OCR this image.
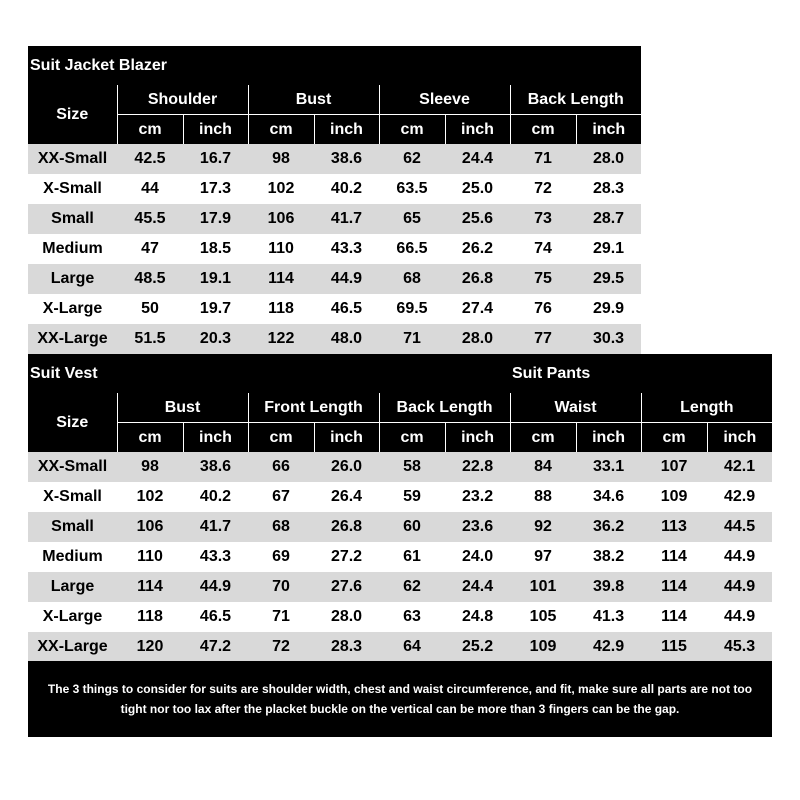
Suit Jacket Blazer
Size	Shoulder		Bust		Sleeve		Back Length	
	cm	inch	cm	inch	cm	inch	cm	inch
XX-Small	42.5	16.7	98	38.6	62	24.4	71	28.0
X-Small	44	17.3	102	40.2	63.5	25.0	72	28.3
Small	45.5	17.9	106	41.7	65	25.6	73	28.7
Medium	47	18.5	110	43.3	66.5	26.2	74	29.1
Large	48.5	19.1	114	44.9	68	26.8	75	29.5
X-Large	50	19.7	118	46.5	69.5	27.4	76	29.9
XX-Large	51.5	20.3	122	48.0	71	28.0	77	30.3
Suit Vest	Suit Pants
Size	Bust		Front Length		Back Length		Waist		Length	
	cm	inch	cm	inch	cm	inch	cm	inch	cm	inch
XX-Small	98	38.6	66	26.0	58	22.8	84	33.1	107	42.1
X-Small	102	40.2	67	26.4	59	23.2	88	34.6	109	42.9
Small	106	41.7	68	26.8	60	23.6	92	36.2	113	44.5
Medium	110	43.3	69	27.2	61	24.0	97	38.2	114	44.9
Large	114	44.9	70	27.6	62	24.4	101	39.8	114	44.9
X-Large	118	46.5	71	28.0	63	24.8	105	41.3	114	44.9
XX-Large	120	47.2	72	28.3	64	25.2	109	42.9	115	45.3
The 3 things to consider for suits are shoulder width, chest and waist circumference, and fit, make sure all parts are not too tight nor too lax after the placket buckle on the vertical can be more than 3 fingers can be the gap.
